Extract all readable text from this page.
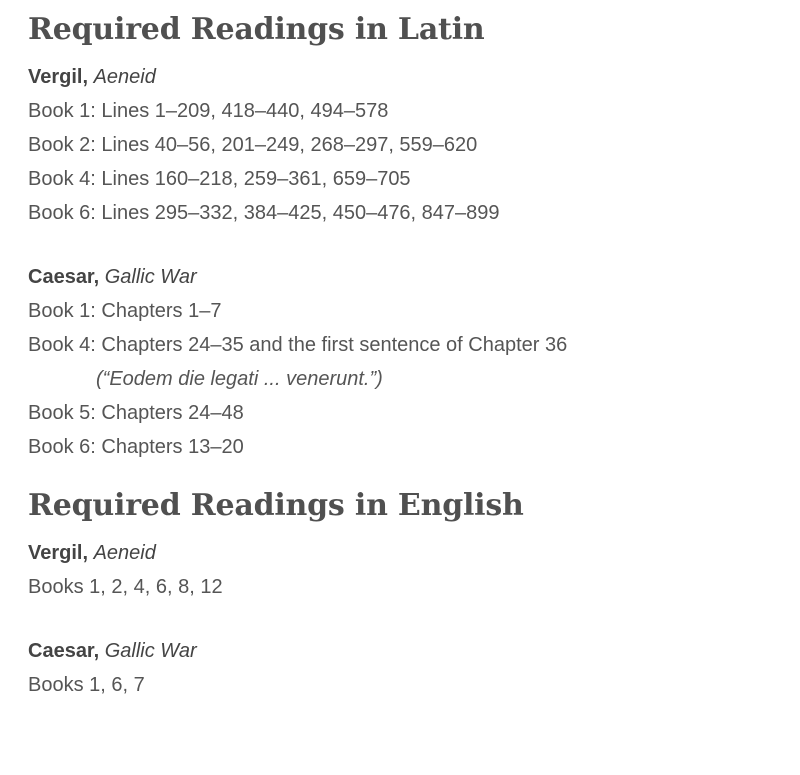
Required Readings in Latin
Vergil, Aeneid
Book 1: Lines 1–209, 418–440, 494–578
Book 2: Lines 40–56, 201–249, 268–297, 559–620
Book 4: Lines 160–218, 259–361, 659–705
Book 6: Lines 295–332, 384–425, 450–476, 847–899
Caesar, Gallic War
Book 1: Chapters 1–7
Book 4: Chapters 24–35 and the first sentence of Chapter 36
(“Eodem die legati ... venerunt.”)
Book 5: Chapters 24–48
Book 6: Chapters 13–20
Required Readings in English
Vergil, Aeneid
Books 1, 2, 4, 6, 8, 12
Caesar, Gallic War
Books 1, 6, 7
